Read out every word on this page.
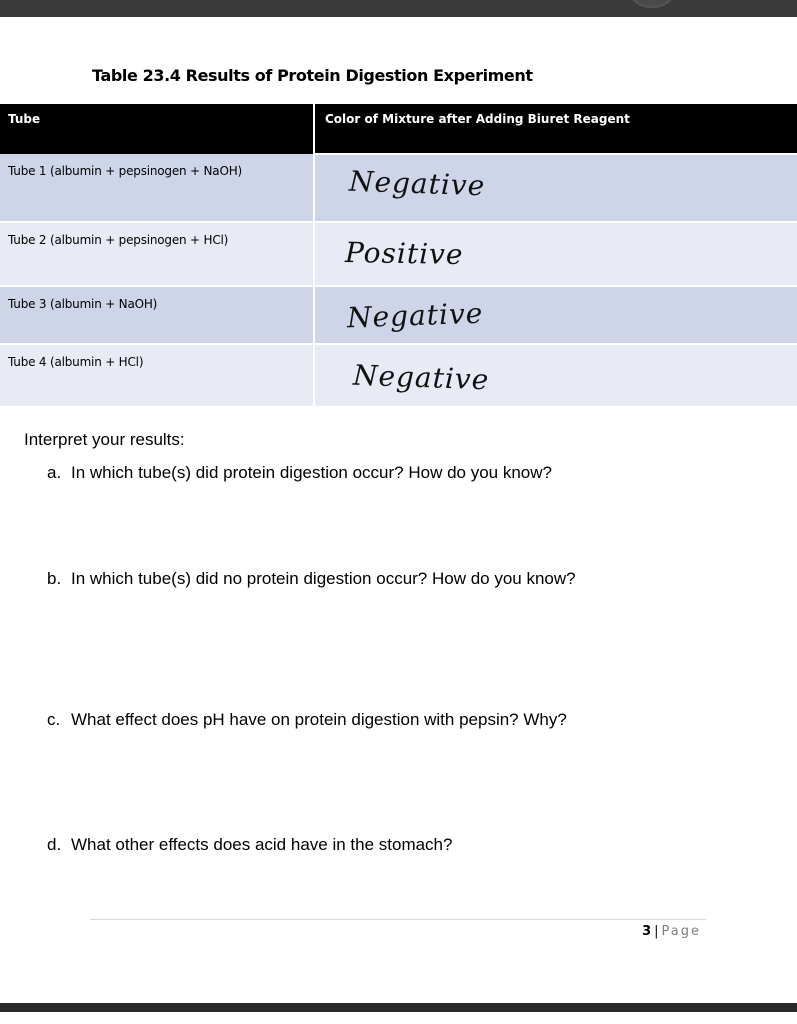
Table 23.4 Results of Protein Digestion Experiment
Tube	Color of Mixture after Adding Biuret Reagent
Tube 1 (albumin + pepsinogen + NaOH)	Negative

Tube 2 (albumin + pepsinogen + HCl)	Positive

Tube 3 (albumin + NaOH)	Negative

Tube 4 (albumin + HCl)	Negative
Interpret your results:
a. In which tube(s) did protein digestion occur? How do you know?
b. In which tube(s) did no protein digestion occur? How do you know?
c. What effect does pH have on protein digestion with pepsin? Why?
d. What other effects does acid have in the stomach?
3 | Page
